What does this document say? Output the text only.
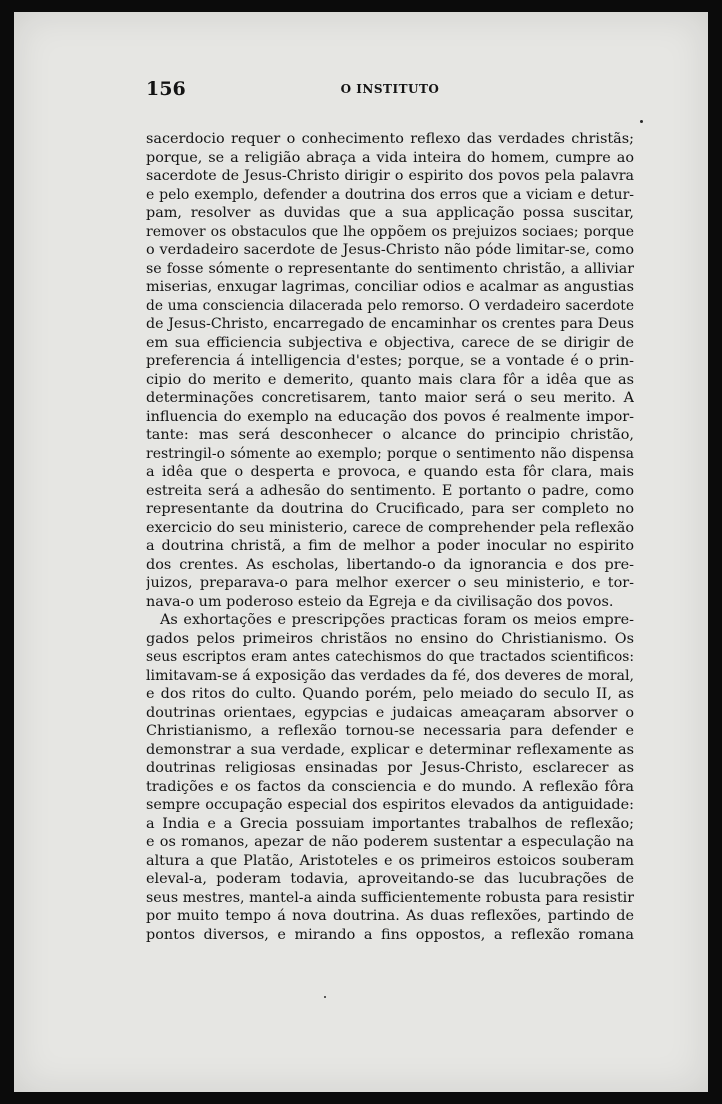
156	O INSTITUTO
sacerdocio requer o conhecimento reflexo das verdades christãs;
porque, se a religião abraça a vida inteira do homem, cumpre ao
sacerdote de Jesus-Christo dirigir o espirito dos povos pela palavra
e pelo exemplo, defender a doutrina dos erros que a viciam e detur-
pam, resolver as duvidas que a sua applicação possa suscitar,
remover os obstaculos que lhe oppõem os prejuizos sociaes; porque
o verdadeiro sacerdote de Jesus-Christo não póde limitar-se, como
se fosse sómente o representante do sentimento christão, a alliviar
miserias, enxugar lagrimas, conciliar odios e acalmar as angustias
de uma consciencia dilacerada pelo remorso. O verdadeiro sacerdote
de Jesus-Christo, encarregado de encaminhar os crentes para Deus
em sua efficiencia subjectiva e objectiva, carece de se dirigir de
preferencia á intelligencia d'estes; porque, se a vontade é o prin-
cipio do merito e demerito, quanto mais clara fôr a idêa que as
determinações concretisarem, tanto maior será o seu merito. A
influencia do exemplo na educação dos povos é realmente impor-
tante: mas será desconhecer o alcance do principio christão,
restringil-o sómente ao exemplo; porque o sentimento não dispensa
a idêa que o desperta e provoca, e quando esta fôr clara, mais
estreita será a adhesão do sentimento. E portanto o padre, como
representante da doutrina do Crucificado, para ser completo no
exercicio do seu ministerio, carece de comprehender pela reflexão
a doutrina christã, a fim de melhor a poder inocular no espirito
dos crentes. As escholas, libertando-o da ignorancia e dos pre-
juizos, preparava-o para melhor exercer o seu ministerio, e tor-
nava-o um poderoso esteio da Egreja e da civilisação dos povos.
As exhortações e prescripções practicas foram os meios empre-
gados pelos primeiros christãos no ensino do Christianismo. Os
seus escriptos eram antes catechismos do que tractados scientificos:
limitavam-se á exposição das verdades da fé, dos deveres de moral,
e dos ritos do culto. Quando porém, pelo meiado do seculo II, as
doutrinas orientaes, egypcias e judaicas ameaçaram absorver o
Christianismo, a reflexão tornou-se necessaria para defender e
demonstrar a sua verdade, explicar e determinar reflexamente as
doutrinas religiosas ensinadas por Jesus-Christo, esclarecer as
tradições e os factos da consciencia e do mundo. A reflexão fôra
sempre occupação especial dos espiritos elevados da antiguidade:
a India e a Grecia possuiam importantes trabalhos de reflexão;
e os romanos, apezar de não poderem sustentar a especulação na
altura a que Platão, Aristoteles e os primeiros estoicos souberam
eleval-a, poderam todavia, aproveitando-se das lucubrações de
seus mestres, mantel-a ainda sufficientemente robusta para resistir
por muito tempo á nova doutrina. As duas reflexões, partindo de
pontos diversos, e mirando a fins oppostos, a reflexão romana
